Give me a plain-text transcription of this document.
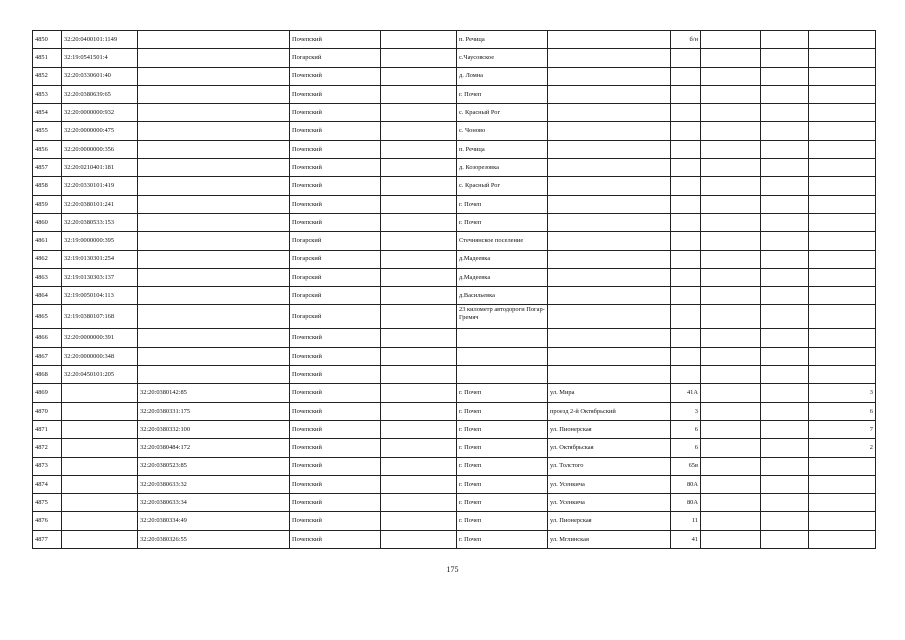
4850	32:20:0400101:1149		Почепский		п. Речица		б/н			
4851	32:19:0541501:4		Погарский		с.Чаусовское					
4852	32:20:0330601:40		Почепский		д. Ломна					
4853	32:20:0380639:65		Почепский		г. Почеп					
4854	32:20:0000000:932		Почепский		с. Красный Рог					
4855	32:20:0000000:475		Почепский		с. Чоново					
4856	32:20:0000000:356		Почепский		п. Речица					
4857	32:20:0210401:181		Почепский		д. Козорезовка					
4858	32:20:0330101:419		Почепский		с. Красный Рог					
4859	32:20:0380101:241		Почепский		г. Почеп					
4860	32:20:0380533:153		Почепский		г. Почеп					
4861	32:19:0000000:395		Погарский		Стечнянское поселение					
4862	32:19:0130301:254		Погарский		д.Мадеевка					
4863	32:19:0130303:137		Погарский		д.Мадеевка					
4864	32:19:0050104:113		Погарский		д.Васильевка					
4865	32:19:0380107:168		Погарский		23 километр автодороги Погар-Гремяч					
4866	32:20:0000000:391		Почепский							
4867	32:20:0000000:348		Почепский							
4868	32:20:0450101:205		Почепский							
4869		32:20:0380142:85	Почепский		г. Почеп	ул. Мира	41А			3
4870		32:20:0380331:175	Почепский		г. Почеп	проезд 2-й Октябрьский	3			6
4871		32:20:0380332:100	Почепский		г. Почеп	ул. Пионерская	6			7
4872		32:20:0380484:172	Почепский		г. Почеп	ул. Октябрьская	6			2
4873		32:20:0380523:85	Почепский		г. Почеп	ул. Толстого	65в			
4874		32:20:0380633:32	Почепский		г. Почеп	ул. Усенкича	80А			
4875		32:20:0380633:34	Почепский		г. Почеп	ул. Усенкича	80А			
4876		32:20:0380334:49	Почепский		г. Почеп	ул. Пионерская	11			
4877		32:20:0380326:55	Почепский		г. Почеп	ул. Мглинская	41			
175
